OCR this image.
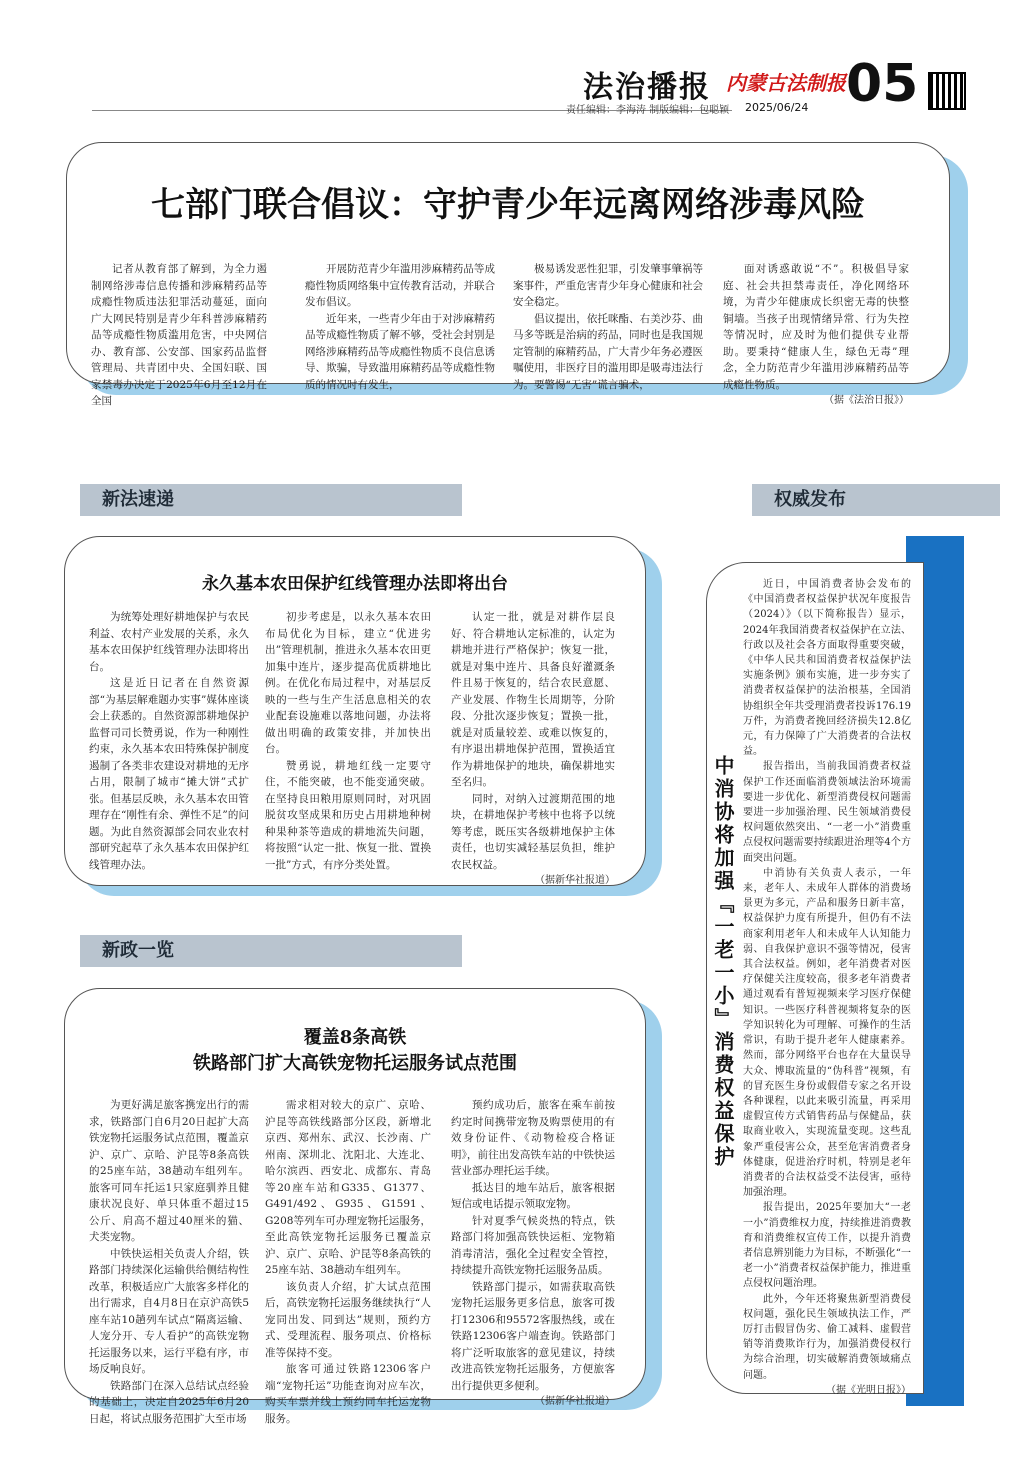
法治播报 内蒙古法制报 05
责任编辑：李海涛 制版编辑：包聪颖 2025/06/24
七部门联合倡议：守护青少年远离网络涉毒风险

记者从教育部了解到，为全力遏制网络涉毒信息传播和涉麻精药品等成瘾性物质违法犯罪活动蔓延，面向广大网民特别是青少年科普涉麻精药品等成瘾性物质滥用危害，中央网信办、教育部、公安部、国家药品监督管理局、共青团中央、全国妇联、国家禁毒办决定于2025年6月至12月在全国

开展防范青少年滥用涉麻精药品等成瘾性物质网络集中宣传教育活动，并联合发布倡议。

近年来，一些青少年由于对涉麻精药品等成瘾性物质了解不够，受社会封别是网络涉麻精药品等成瘾性物质不良信息诱导、欺骗，导致滥用麻精药品等成瘾性物质的情况时有发生，

极易诱发恶性犯罪，引发肇事肇祸等案事件，严重危害青少年身心健康和社会安全稳定。

倡议提出，依托咪酯、右美沙芬、曲马多等既是治病的药品，同时也是我国规定管制的麻精药品，广大青少年务必遵医嘱使用，非医疗目的滥用即是吸毒违法行为。要警惕“无害”谎言骗术，

面对诱惑敢说“不”。积极倡导家庭、社会共担禁毒责任，净化网络环境，为青少年健康成长织密无毒的快整铜墙。当孩子出现情绪异常、行为失控等情况时，应及时为他们提供专业帮助。要秉持“健康人生，绿色无毒”理念，全力防范青少年滥用涉麻精药品等成瘾性物质。

（据《法治日报》）
新法速递	权威发布
新政一览
永久基本农田保护红线管理办法即将出台

为统筹处理好耕地保护与农民利益、农村产业发展的关系，永久基本农田保护红线管理办法即将出台。

这是近日记者在自然资源部“为基层解难题办实事”媒体座谈会上获悉的。自然资源部耕地保护监督司司长赞勇说，作为一种刚性约束，永久基本农田特殊保护制度遏制了各类非农建设对耕地的无序占用，限制了城市“摊大饼”式扩张。但基层反映，永久基本农田管理存在“刚性有余、弹性不足”的问题。为此自然资源部会同农业农村部研究起草了永久基本农田保护红线管理办法。

初步考虑是，以永久基本农田布局优化为目标，建立“优进劣出”管理机制，推进永久基本农田更加集中连片，逐步提高优质耕地比例。在优化布局过程中，对基层反映的一些与生产生活息息相关的农业配套设施难以落地问题，办法将做出明确的政策安排，并加快出台。

赞勇说，耕地红线一定要守住，不能突破，也不能变通突破。在坚持良田粮用原则同时，对巩固脱贫攻坚成果和历史占用耕地种树种果种茶等造成的耕地流失问题，将按照“认定一批、恢复一批、置换一批”方式，有序分类处置。

认定一批，就是对耕作层良好、符合耕地认定标准的，认定为耕地并进行严格保护；恢复一批，就是对集中连片、具备良好灌溉条件且易于恢复的，结合农民意愿、产业发展、作物生长周期等，分阶段、分批次逐步恢复；置换一批，就是对质量较差、或难以恢复的，有序退出耕地保护范围，置换适宜作为耕地保护的地块，确保耕地实至名归。

同时，对纳入过渡期范围的地块，在耕地保护考核中也将予以统筹考虑，既压实各级耕地保护主体责任，也切实减轻基层负担，维护农民权益。

（据新华社报道）
覆盖8条高铁
铁路部门扩大高铁宠物托运服务试点范围

为更好满足旅客携宠出行的需求，铁路部门自6月20日起扩大高铁宠物托运服务试点范围，覆盖京沪、京广、京哈、沪昆等8条高铁的25座车站，38趟动车组列车。旅客可同车托运1只家庭驯养且健康状况良好、单只体重不超过15公斤、肩高不超过40厘米的猫、犬类宠物。

中铁快运相关负责人介绍，铁路部门持续深化运输供给侧结构性改革，积极适应广大旅客多样化的出行需求，自4月8日在京沪高铁5座车站10趟列车试点“隔离运输、人宠分开、专人看护”的高铁宠物托运服务以来，运行平稳有序，市场反响良好。

铁路部门在深入总结试点经验的基础上，决定自2025年6月20日起，将试点服务范围扩大至市场

需求相对较大的京广、京哈、沪昆等高铁线路部分区段，新增北京西、郑州东、武汉、长沙南、广州南、深圳北、沈阳北、大连北、哈尔滨西、西安北、成都东、青岛等20座车站和G335、G1377、G491/492、G935、G1591、G208等列车可办理宠物托运服务，至此高铁宠物托运服务已覆盖京沪、京广、京哈、沪昆等8条高铁的25座车站、38趟动车组列车。

该负责人介绍，扩大试点范围后，高铁宠物托运服务继续执行“人宠同出发、同到达”规则，预约方式、受理流程、服务项点、价格标准等保持不变。

旅客可通过铁路12306客户端“宠物托运”功能查询对应车次，购买车票并线上预约同车托运宠物服务。

预约成功后，旅客在乘车前按约定时间携带宠物及购票使用的有效身份证件、《动物检疫合格证明》，前往出发高铁车站的中铁快运营业部办理托运手续。

抵达目的地车站后，旅客根据短信或电话提示领取宠物。

针对夏季气候炎热的特点，铁路部门将加强高铁快运柜、宠物箱消毒清洁，强化全过程安全管控，持续提升高铁宠物托运服务品质。

铁路部门提示，如需获取高铁宠物托运服务更多信息，旅客可拨打12306和95572客服热线，或在铁路12306客户端查询。铁路部门将广泛听取旅客的意见建议，持续改进高铁宠物托运服务，方便旅客出行提供更多便利。

（据新华社报道）
中消协将加强『一老一小』消费权益保护

近日，中国消费者协会发布的《中国消费者权益保护状况年度报告（2024）》（以下简称报告）显示，2024年我国消费者权益保护在立法、行政以及社会各方面取得重要突破，《中华人民共和国消费者权益保护法实施条例》颁布实施，进一步夯实了消费者权益保护的法治根基，全国消协组织全年共受理消费者投诉176.19万件，为消费者挽回经济损失12.8亿元，有力保障了广大消费者的合法权益。

报告指出，当前我国消费者权益保护工作还面临消费领域法治环境需要进一步优化、新型消费侵权问题需要进一步加强治理、民生领域消费侵权问题依然突出、“一老一小”消费重点侵权问题需要持续跟进治理等4个方面突出问题。

中消协有关负责人表示，一年来，老年人、未成年人群体的消费场景更为多元，产品和服务日新丰富，权益保护力度有所提升，但仍有不法商家利用老年人和未成年人认知能力弱、自我保护意识不强等情况，侵害其合法权益。例如，老年消费者对医疗保健关注度较高，很多老年消费者通过观看有普短视频来学习医疗保健知识。一些医疗科普视频将复杂的医学知识转化为可理解、可操作的生活常识，有助于提升老年人健康素养。然而，部分网络平台也存在大量误导大众、博取流量的“伪科普”视频，有的冒充医生身份或假借专家之名开设各种课程，以此来吸引流量，再采用虚假宣传方式销售药品与保健品，获取商业收入，实现流量变现。这些乱象严重侵害公众，甚至危害消费者身体健康，促进治疗时机，特别是老年消费者的合法权益受不法侵害，亟待加强治理。

报告提出，2025年要加大“一老一小”消费维权力度，持续推进消费教育和消费维权宣传工作，以提升消费者信息辨别能力为目标，不断强化“一老一小”消费者权益保护能力，推进重点侵权问题治理。

此外，今年还将聚焦新型消费侵权问题，强化民生领域执法工作，严厉打击假冒伪劣、偷工减料、虚假营销等消费欺诈行为，加强消费侵权行为综合治理，切实破解消费领域痛点问题。

（据《光明日报》）
